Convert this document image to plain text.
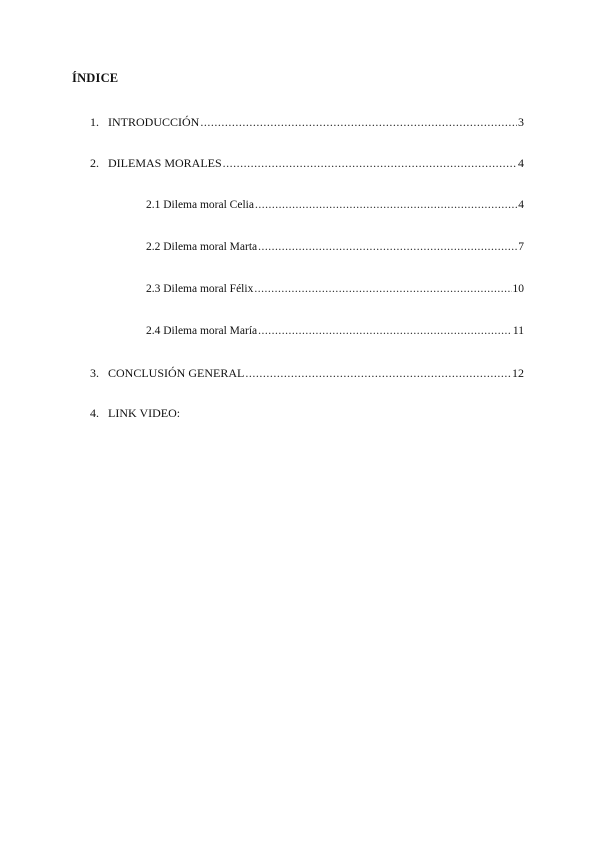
ÍNDICE
1. INTRODUCCIÓN .....	3
2. DILEMAS MORALES .....	4
2.1 Dilema moral Celia .....	4
2.2 Dilema moral Marta .....	7
2.3 Dilema moral Félix .....	10
2.4 Dilema moral María .....	11
3. CONCLUSIÓN GENERAL .....	12
4. LINK VIDEO:
